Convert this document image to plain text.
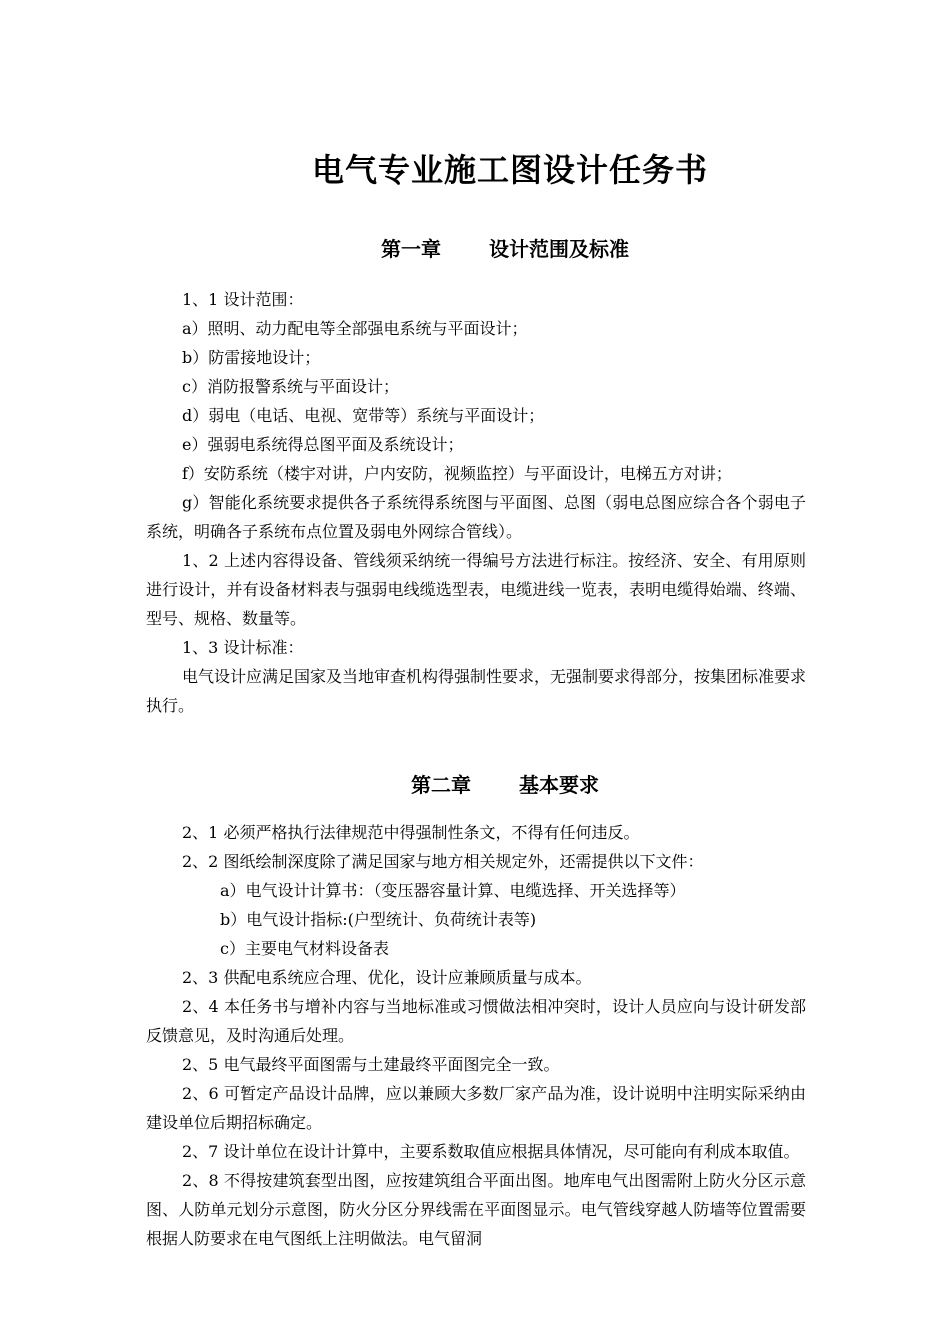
电气专业施工图设计任务书
第一章 设计范围及标准

1、1 设计范围：

a）照明、动力配电等全部强电系统与平面设计；

b）防雷接地设计；

c）消防报警系统与平面设计；

d）弱电（电话、电视、宽带等）系统与平面设计；

e）强弱电系统得总图平面及系统设计；

f）安防系统（楼宇对讲，户内安防，视频监控）与平面设计，电梯五方对讲；

g）智能化系统要求提供各子系统得系统图与平面图、总图（弱电总图应综合各个弱电子系统，明确各子系统布点位置及弱电外网综合管线）。

1、2 上述内容得设备、管线须采纳统一得编号方法进行标注。按经济、安全、有用原则进行设计，并有设备材料表与强弱电线缆选型表，电缆进线一览表，表明电缆得始端、终端、型号、规格、数量等。

1、3 设计标准：

电气设计应满足国家及当地审查机构得强制性要求，无强制要求得部分，按集团标准要求执行。

第二章 基本要求

2、1 必须严格执行法律规范中得强制性条文，不得有任何违反。

2、2 图纸绘制深度除了满足国家与地方相关规定外，还需提供以下文件：

a）电气设计计算书：（变压器容量计算、电缆选择、开关选择等）

b）电气设计指标:(户型统计、负荷统计表等)

c）主要电气材料设备表

2、3 供配电系统应合理、优化，设计应兼顾质量与成本。

2、4 本任务书与增补内容与当地标准或习惯做法相冲突时，设计人员应向与设计研发部反馈意见，及时沟通后处理。

2、5 电气最终平面图需与土建最终平面图完全一致。

2、6 可暂定产品设计品牌，应以兼顾大多数厂家产品为准，设计说明中注明实际采纳由建设单位后期招标确定。

2、7 设计单位在设计计算中，主要系数取值应根据具体情况，尽可能向有利成本取值。

2、8 不得按建筑套型出图，应按建筑组合平面出图。地库电气出图需附上防火分区示意图、人防单元划分示意图，防火分区分界线需在平面图显示。电气管线穿越人防墙等位置需要根据人防要求在电气图纸上注明做法。电气留洞
